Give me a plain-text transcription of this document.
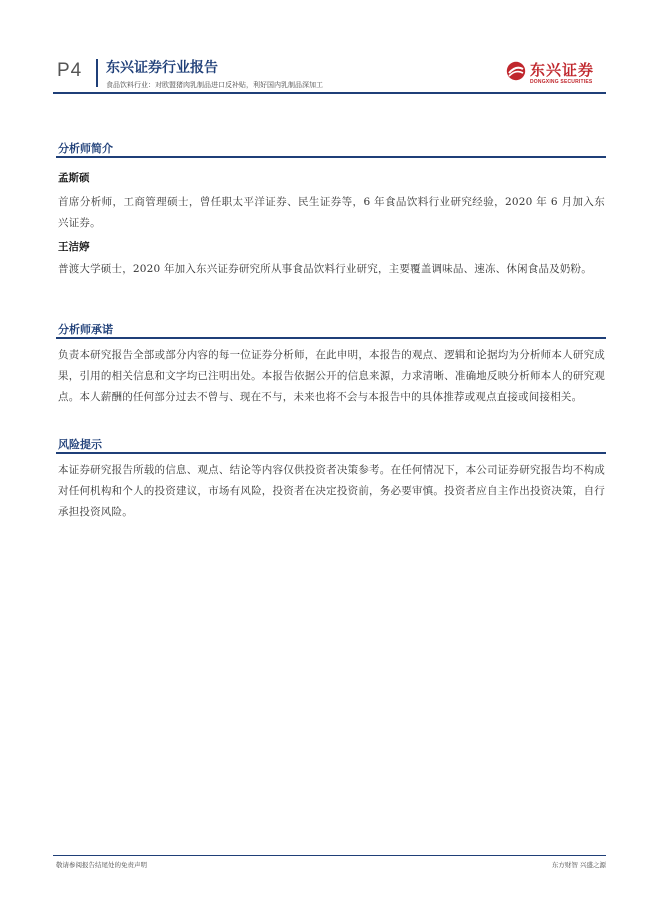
P4 东兴证券行业报告
食品饮料行业：对欧盟猪肉乳制品进口反补贴，利好国内乳制品深加工
东兴证券
DONGXING SECURITIES
分析师简介
孟斯硕
首席分析师，工商管理硕士，曾任职太平洋证券、民生证券等，6 年食品饮料行业研究经验，2020 年 6 月加入东兴证券。
王洁婷
普渡大学硕士，2020 年加入东兴证券研究所从事食品饮料行业研究，主要覆盖调味品、速冻、休闲食品及奶粉。
分析师承诺
负责本研究报告全部或部分内容的每一位证券分析师，在此申明，本报告的观点、逻辑和论据均为分析师本人研究成果，引用的相关信息和文字均已注明出处。本报告依据公开的信息来源，力求清晰、准确地反映分析师本人的研究观点。本人薪酬的任何部分过去不曾与、现在不与，未来也将不会与本报告中的具体推荐或观点直接或间接相关。
风险提示
本证券研究报告所载的信息、观点、结论等内容仅供投资者决策参考。在任何情况下，本公司证券研究报告均不构成对任何机构和个人的投资建议，市场有风险，投资者在决定投资前，务必要审慎。投资者应自主作出投资决策，自行承担投资风险。
敬请参阅报告结尾处的免责声明	东方财智 兴盛之源
